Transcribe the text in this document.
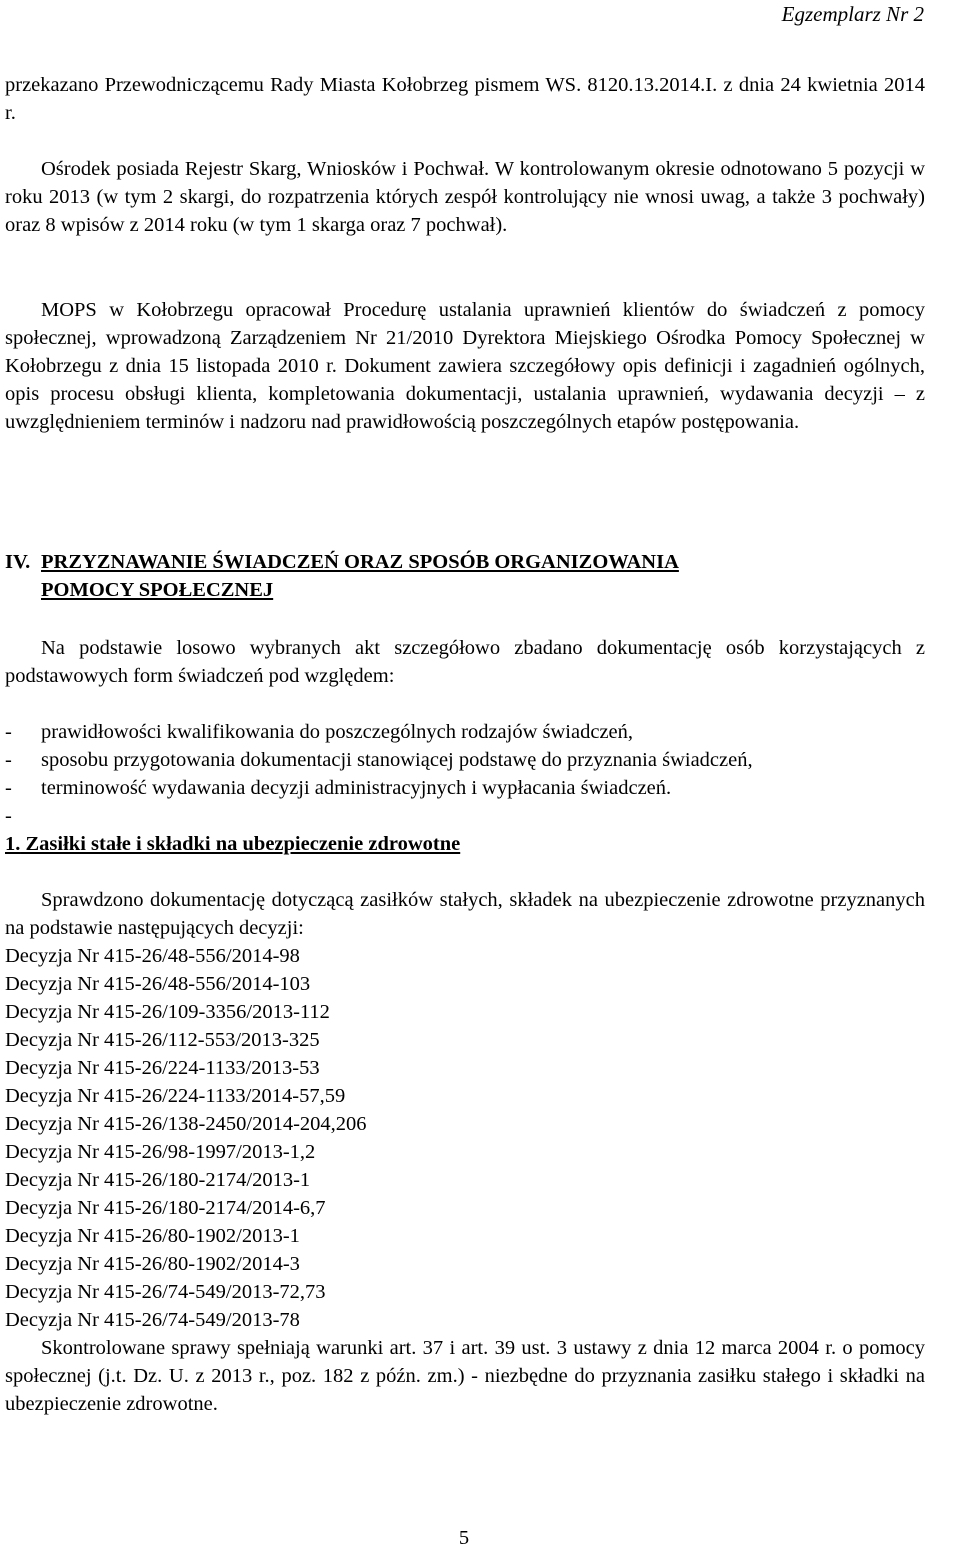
Egzemplarz Nr 2
przekazano Przewodniczącemu Rady Miasta Kołobrzeg pismem WS. 8120.13.2014.I. z dnia 24 kwietnia 2014 r.
Ośrodek posiada Rejestr Skarg, Wniosków i Pochwał. W kontrolowanym okresie odnotowano 5 pozycji w roku 2013 (w tym 2 skargi, do rozpatrzenia których zespół kontrolujący nie wnosi uwag, a także 3 pochwały) oraz 8 wpisów z 2014 roku (w tym 1 skarga oraz 7 pochwał).
MOPS w Kołobrzegu opracował Procedurę ustalania uprawnień klientów do świadczeń z pomocy społecznej, wprowadzoną Zarządzeniem Nr 21/2010 Dyrektora Miejskiego Ośrodka Pomocy Społecznej w Kołobrzegu z dnia 15 listopada 2010 r. Dokument zawiera szczegółowy opis definicji i zagadnień ogólnych, opis procesu obsługi klienta, kompletowania dokumentacji, ustalania uprawnień, wydawania decyzji – z uwzględnieniem terminów i nadzoru nad prawidłowością poszczególnych etapów postępowania.
IV. PRZYZNAWANIE ŚWIADCZEŃ ORAZ SPOSÓB ORGANIZOWANIA
POMOCY SPOŁECZNEJ
Na podstawie losowo wybranych akt szczegółowo zbadano dokumentację osób korzystających z podstawowych form świadczeń pod względem:
- prawidłowości kwalifikowania do poszczególnych rodzajów świadczeń,
- sposobu przygotowania dokumentacji stanowiącej podstawę do przyznania świadczeń,
- terminowość wydawania decyzji administracyjnych i wypłacania świadczeń.
-
1. Zasiłki stałe i składki na ubezpieczenie zdrowotne
Sprawdzono dokumentację dotyczącą zasiłków stałych, składek na ubezpieczenie zdrowotne przyznanych na podstawie następujących decyzji:
Decyzja Nr 415-26/48-556/2014-98
Decyzja Nr 415-26/48-556/2014-103
Decyzja Nr 415-26/109-3356/2013-112
Decyzja Nr 415-26/112-553/2013-325
Decyzja Nr 415-26/224-1133/2013-53
Decyzja Nr 415-26/224-1133/2014-57,59
Decyzja Nr 415-26/138-2450/2014-204,206
Decyzja Nr 415-26/98-1997/2013-1,2
Decyzja Nr 415-26/180-2174/2013-1
Decyzja Nr 415-26/180-2174/2014-6,7
Decyzja Nr 415-26/80-1902/2013-1
Decyzja Nr 415-26/80-1902/2014-3
Decyzja Nr 415-26/74-549/2013-72,73
Decyzja Nr 415-26/74-549/2013-78
Skontrolowane sprawy spełniają warunki art. 37 i art. 39 ust. 3 ustawy z dnia 12 marca 2004 r. o pomocy społecznej (j.t. Dz. U. z 2013 r., poz. 182 z późn. zm.) - niezbędne do przyznania zasiłku stałego i składki na ubezpieczenie zdrowotne.
5
